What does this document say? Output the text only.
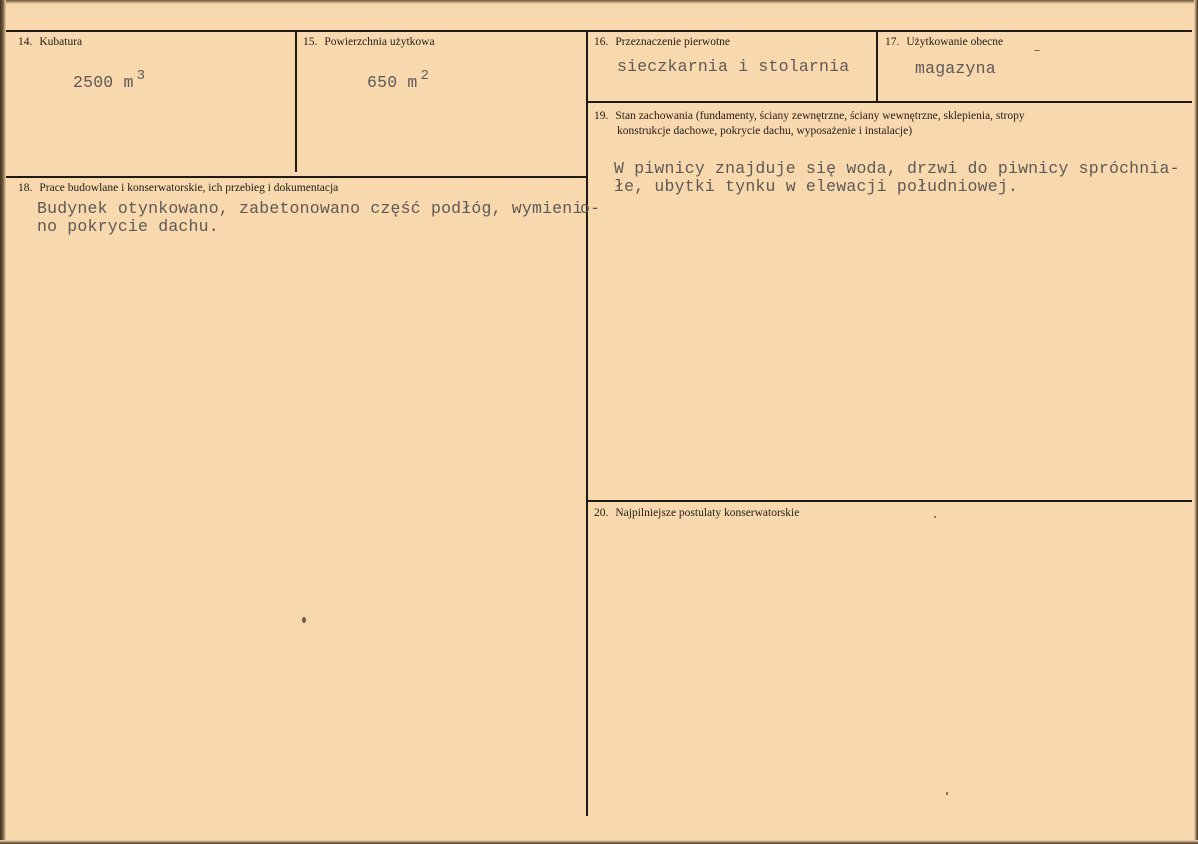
14. Kubatura
2500 m $^3$
15. Powierzchnia użytkowa
650 m $^2$
16. Przeznaczenie pierwotne
sieczkarnia i stolarnia
17. Użytkowanie obecne
magazyna
18. Prace budowlane i konserwatorskie, ich przebieg i dokumentacja
Budynek otynkowano, zabetonowano część podłóg, wymieni
o-
no pokrycie dachu.
19. Stan zachowania (fundamenty, ściany zewnętrzne, ściany wewnętrzne, sklepienia, stropy
konstrukcje dachowe, pokrycie dachu, wyposażenie i instalacje)
W piwnicy znajduje się woda, drzwi do piwnicy spróchnia-
łe, ubytki tynku w elewacji południowej.
20. Najpilniejsze postulaty konserwatorskie
